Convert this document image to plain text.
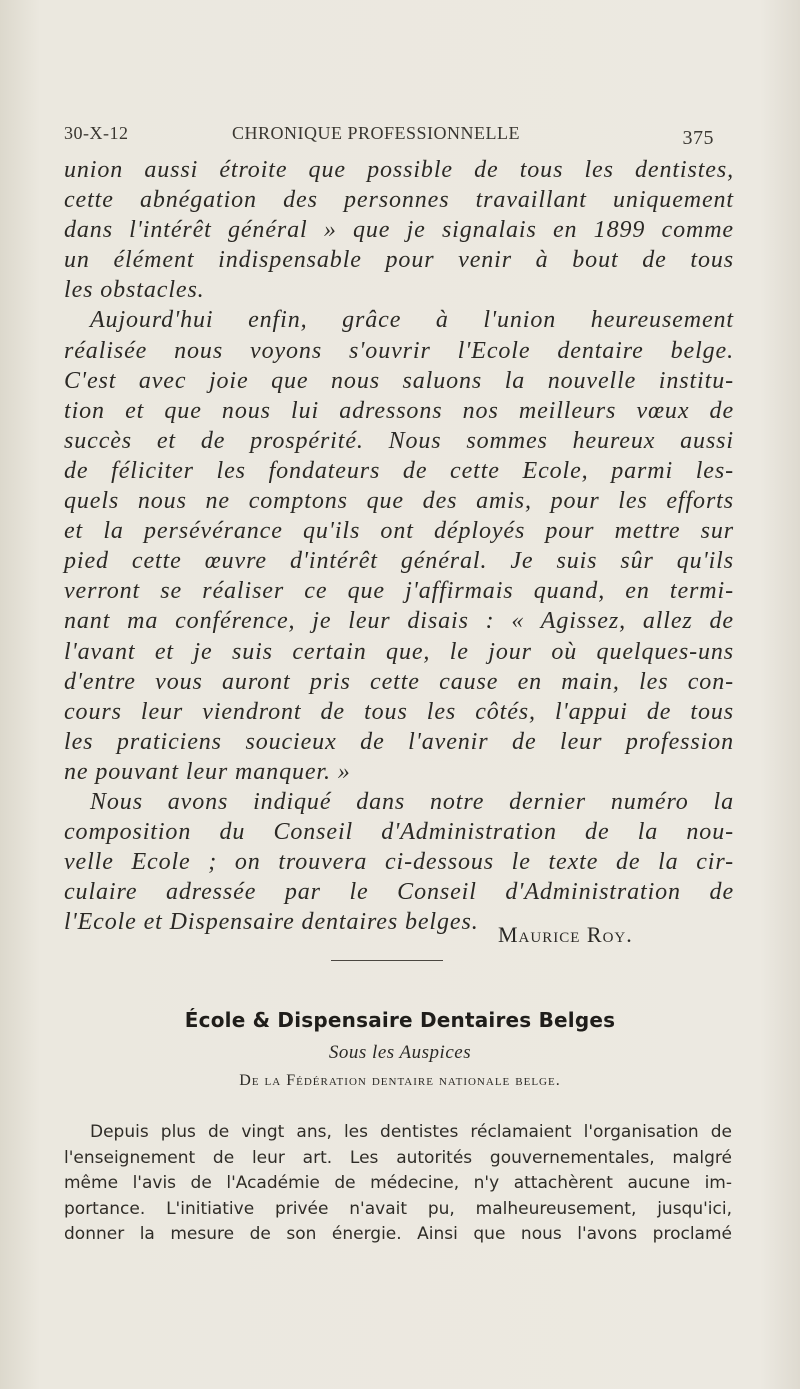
30-X-12	CHRONIQUE PROFESSIONNELLE	375
union aussi étroite que possible de tous les dentistes,
cette abnégation des personnes travaillant uniquement
dans l'intérêt général » que je signalais en 1899 comme
un élément indispensable pour venir à bout de tous
les obstacles.
Aujourd'hui enfin, grâce à l'union heureusement
réalisée nous voyons s'ouvrir l'Ecole dentaire belge.
C'est avec joie que nous saluons la nouvelle institu-
tion et que nous lui adressons nos meilleurs vœux de
succès et de prospérité. Nous sommes heureux aussi
de féliciter les fondateurs de cette Ecole, parmi les-
quels nous ne comptons que des amis, pour les efforts
et la persévérance qu'ils ont déployés pour mettre sur
pied cette œuvre d'intérêt général. Je suis sûr qu'ils
verront se réaliser ce que j'affirmais quand, en termi-
nant ma conférence, je leur disais : « Agissez, allez de
l'avant et je suis certain que, le jour où quelques-uns
d'entre vous auront pris cette cause en main, les con-
cours leur viendront de tous les côtés, l'appui de tous
les praticiens soucieux de l'avenir de leur profession
ne pouvant leur manquer. »
Nous avons indiqué dans notre dernier numéro la
composition du Conseil d'Administration de la nou-
velle Ecole ; on trouvera ci-dessous le texte de la cir-
culaire adressée par le Conseil d'Administration de
l'Ecole et Dispensaire dentaires belges. Maurice Roy.
École & Dispensaire Dentaires Belges
Sous les Auspices
De la Fédération dentaire nationale belge.
Depuis plus de vingt ans, les dentistes réclamaient l'organisation de
l'enseignement de leur art. Les autorités gouvernementales, malgré
même l'avis de l'Académie de médecine, n'y attachèrent aucune im-
portance. L'initiative privée n'avait pu, malheureusement, jusqu'ici,
donner la mesure de son énergie. Ainsi que nous l'avons proclamé
